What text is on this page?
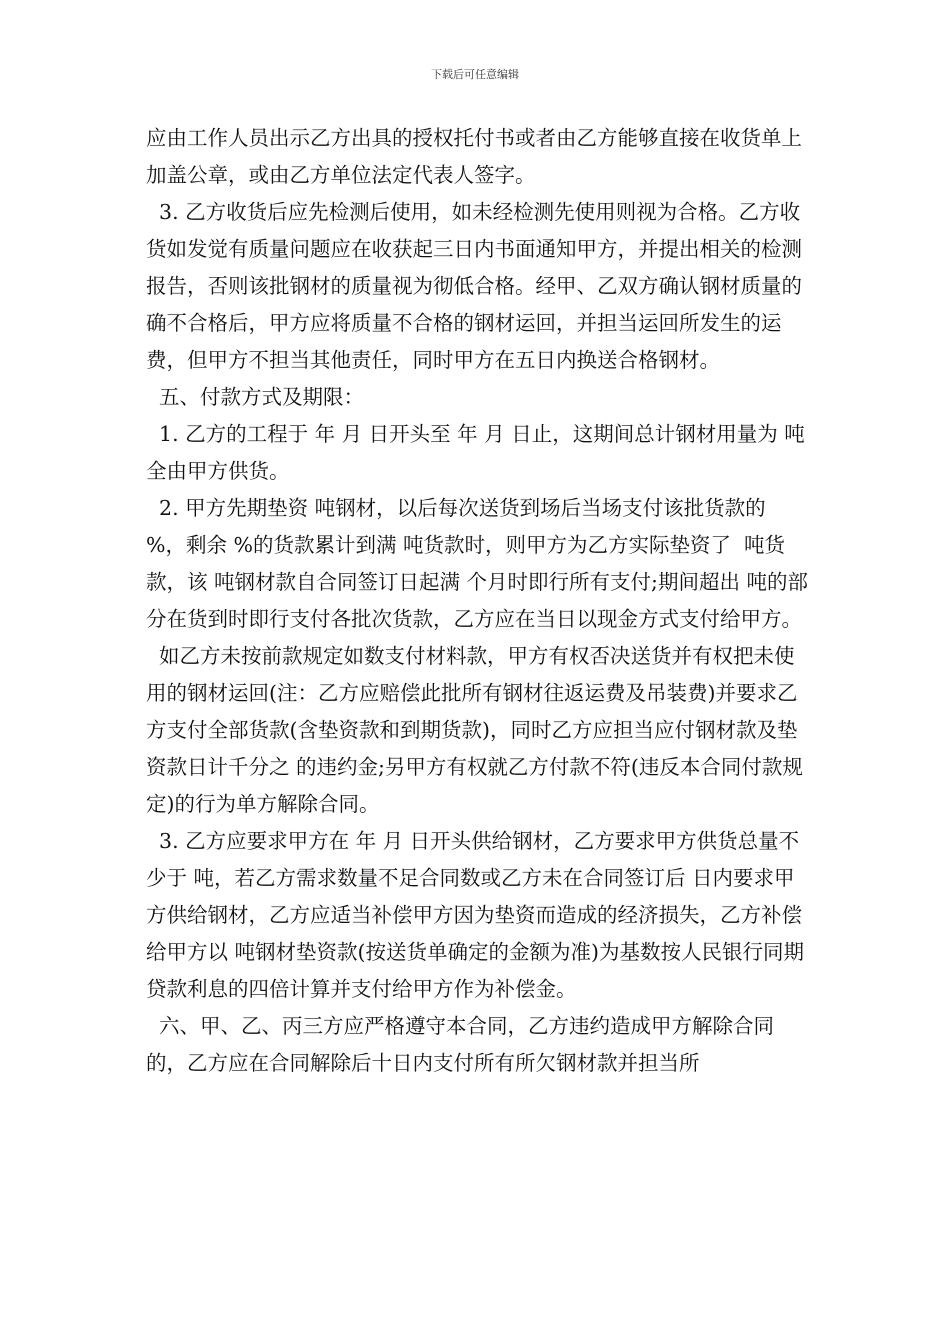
下载后可任意编辑

应由工作人员出示乙方出具的授权托付书或者由乙方能够直接在收货单上加盖公章，或由乙方单位法定代表人签字。

3. 乙方收货后应先检测后使用，如未经检测先使用则视为合格。乙方收货如发觉有质量问题应在收获起三日内书面通知甲方，并提出相关的检测报告，否则该批钢材的质量视为彻低合格。经甲、乙双方确认钢材质量的确不合格后，甲方应将质量不合格的钢材运回，并担当运回所发生的运费，但甲方不担当其他责任，同时甲方在五日内换送合格钢材。

五、付款方式及期限：

1. 乙方的工程于 年 月 日开头至 年 月 日止，这期间总计钢材用量为 吨全由甲方供货。

2. 甲方先期垫资 吨钢材，以后每次送货到场后当场支付该批货款的 %，剩余 %的货款累计到满 吨货款时，则甲方为乙方实际垫资了  吨货款，该 吨钢材款自合同签订日起满 个月时即行所有支付;期间超出 吨的部分在货到时即行支付各批次货款，乙方应在当日以现金方式支付给甲方。

如乙方未按前款规定如数支付材料款，甲方有权否决送货并有权把未使用的钢材运回(注：乙方应赔偿此批所有钢材往返运费及吊装费)并要求乙方支付全部货款(含垫资款和到期货款)，同时乙方应担当应付钢材款及垫资款日计千分之 的违约金;另甲方有权就乙方付款不符(违反本合同付款规定)的行为单方解除合同。

3. 乙方应要求甲方在 年 月 日开头供给钢材，乙方要求甲方供货总量不少于 吨，若乙方需求数量不足合同数或乙方未在合同签订后 日内要求甲方供给钢材，乙方应适当补偿甲方因为垫资而造成的经济损失，乙方补偿给甲方以 吨钢材垫资款(按送货单确定的金额为准)为基数按人民银行同期贷款利息的四倍计算并支付给甲方作为补偿金。

六、甲、乙、丙三方应严格遵守本合同，乙方违约造成甲方解除合同的，乙方应在合同解除后十日内支付所有所欠钢材款并担当所
